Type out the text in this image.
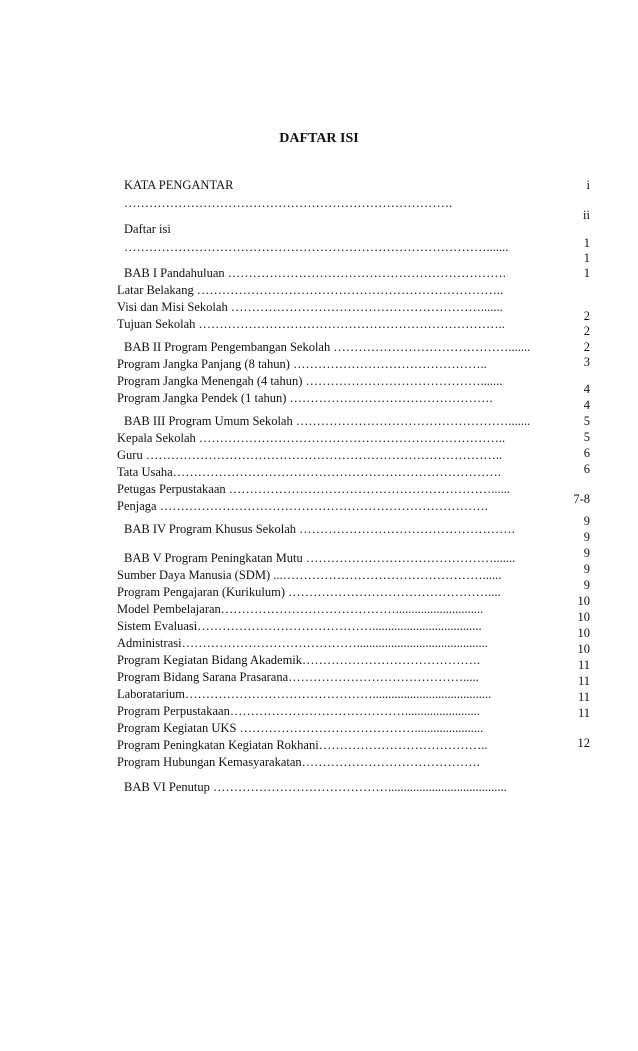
DAFTAR ISI
KATA PENGANTAR
…………………………………………………………………….
Daftar isi
…………………………………………………………………………….......
BAB I Pandahuluan ………………………………………………………….
Latar Belakang ………………………………………………………………..
Visi dan Misi Sekolah …………………………………………………….......
Tujuan Sekolah ………………………………………………………………..
BAB II Program Pengembangan Sekolah …………………………………….......
Program Jangka Panjang (8 tahun) ………………………………………..
Program Jangka Menengah (4 tahun) …………………………………….......
Program Jangka Pendek (1 tahun) ………………………………………….
BAB III Program Umum Sekolah …………………………………………….......
Kepala Sekolah ………………………………………………………………..
Guru …………………………………………………………………………..
Tata Usaha…………………………………………………………………….
Petugas Perpustakaan ………………………………………………………......
Penjaga …………………………………………………………………….
BAB IV Program Khusus Sekolah …………………………………………….
BAB V Program Peningkatan Mutu ……………………………………….......
Sumber Daya Manusia (SDM) ...…………………………………………......
Program Pengajaran (Kurikulum) …………………………………………....
Model Pembelajaran……………………………………............................
Sistem Evaluasi……………………………………...................................
Administrasi……………………………………..........................................
Program Kegiatan Bidang Akademik…………………………………….
Program Bidang Sarana Prasarana…………………………………….....
Laboratarium………………………………………......................................
Program Perpustakaan……………………………………........................
Program Kegiatan UKS ……………………………………......................
Program Peningkatan Kegiatan Rokhani…………………………………..
Program Hubungan Kemasyarakatan…………………………………….
BAB VI Penutup ……………………………………......................................
i
ii
1
1
1
2
2
2
3
4
4
5
5
6
6
7-8
9
9
9
9
9
10
10
10
10
11
11
11
11
12
